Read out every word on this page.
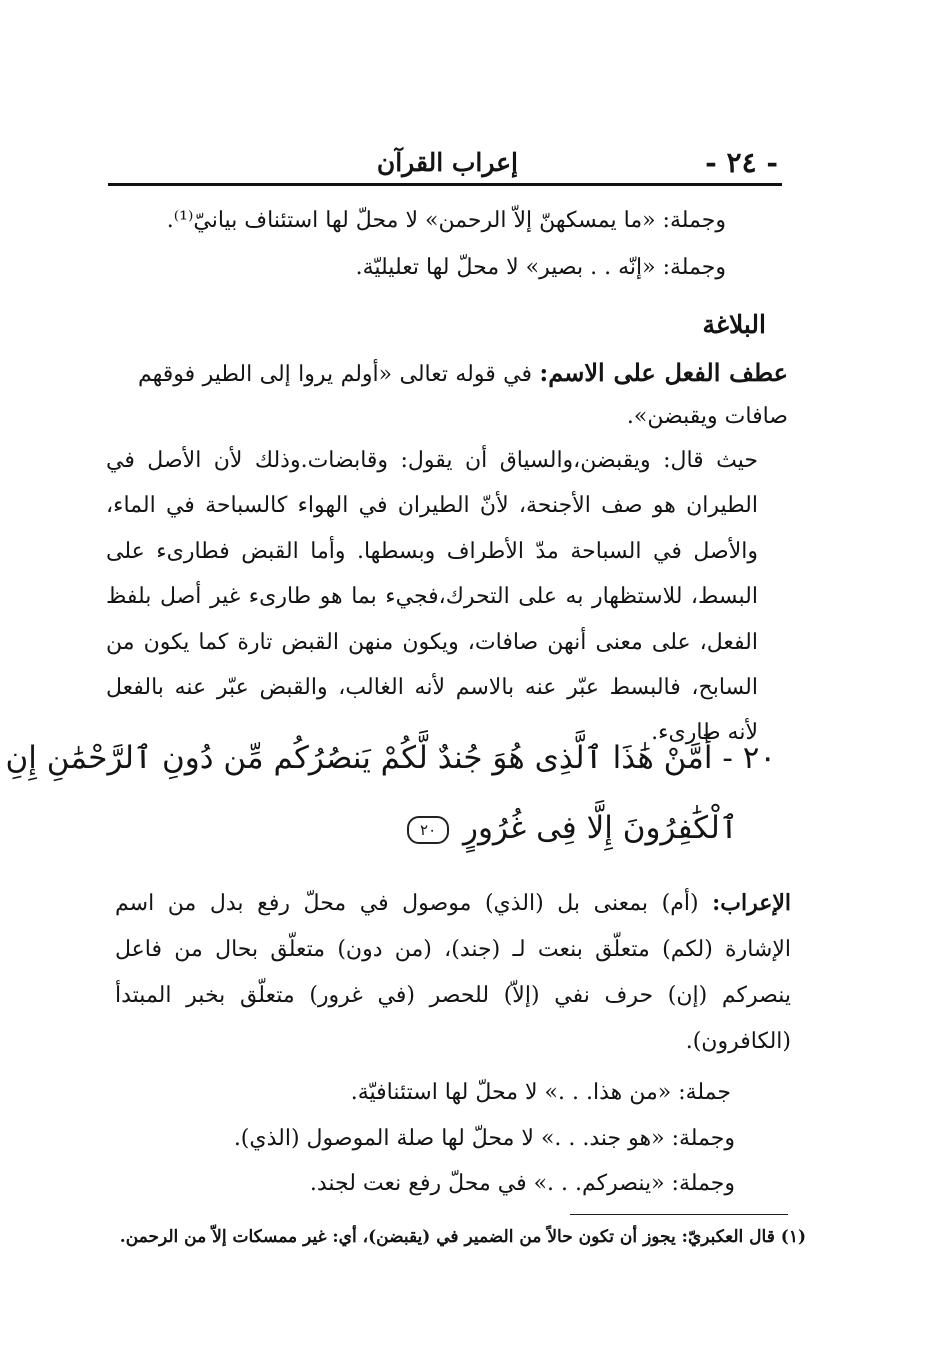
- ٢٤ -
إعراب القرآن
وجملة: «ما يمسكهنّ إلاّ الرحمن» لا محلّ لها استئناف بيانيّ⁽¹⁾.
وجملة: «إنّه . . بصير» لا محلّ لها تعليليّة.
البلاغة
عطف الفعل على الاسم: في قوله تعالى «أولم يروا إلى الطير فوقهم صافات ويقبضن».
حيث قال: ويقبضن،والسياق أن يقول: وقابضات.وذلك لأن الأصل في الطيران هو صف الأجنحة، لأنّ الطيران في الهواء كالسباحة في الماء، والأصل في السباحة مدّ الأطراف وبسطها. وأما القبض فطارىء على البسط، للاستظهار به على التحرك،فجيء بما هو طارىء غير أصل بلفظ الفعل، على معنى أنهن صافات، ويكون منهن القبض تارة كما يكون من السابح، فالبسط عبّر عنه بالاسم لأنه الغالب، والقبض عبّر عنه بالفعل لأنه طارىء.
٢٠ - أَمَّنْ هَٰذَا ٱلَّذِى هُوَ جُندٌ لَّكُمْ يَنصُرُكُم مِّن دُونِ ٱلرَّحْمَٰنِ إِنِ
ٱلْكَٰفِرُونَ إِلَّا فِى غُرُورٍ ٢٠
الإعراب: (أم) بمعنى بل (الذي) موصول في محلّ رفع بدل من اسم الإشارة (لكم) متعلّق بنعت لـ (جند)، (من دون) متعلّق بحال من فاعل ينصركم (إن) حرف نفي (إلاّ) للحصر (في غرور) متعلّق بخبر المبتدأ (الكافرون).
جملة: «من هذا. . .» لا محلّ لها استئنافيّة.
وجملة: «هو جند. . .» لا محلّ لها صلة الموصول (الذي).
وجملة: «ينصركم. . .» في محلّ رفع نعت لجند.
(١) قال العكبريّ: يجوز أن تكون حالاً من الضمير في (يقبضن)، أي: غير ممسكات إلاّ من الرحمن.
